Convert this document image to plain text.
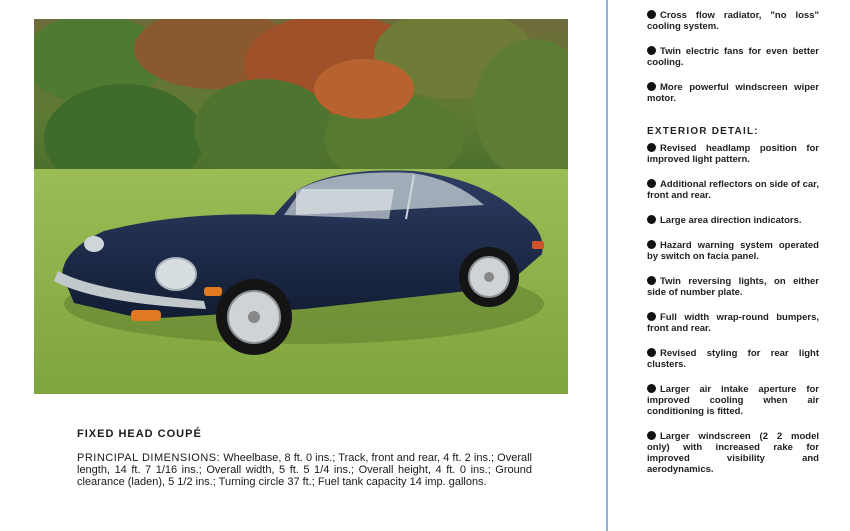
FIXED HEAD COUPÉ

PRINCIPAL DIMENSIONS: Wheelbase, 8 ft. 0 ins.; Track, front and rear, 4 ft. 2 ins.; Overall length, 14 ft. 7 1/16 ins.; Overall width, 5 ft. 5 1/4 ins.; Overall height, 4 ft. 0 ins.; Ground clearance (laden), 5 1/2 ins.; Turning circle 37 ft.; Fuel tank capacity 14 imp. gallons.

Cross flow radiator, "no loss" cooling system.

Twin electric fans for even better cooling.

More powerful windscreen wiper motor.

EXTERIOR DETAIL:

Revised headlamp position for improved light pattern.

Additional reflectors on side of car, front and rear.

Large area direction indicators.

Hazard warning system operated by switch on facia panel.

Twin reversing lights, on either side of number plate.

Full width wrap-round bumpers, front and rear.

Revised styling for rear light clusters.

Larger air intake aperture for improved cooling when air conditioning is fitted.

Larger windscreen (2 2 model only) with increased rake for improved visibility and aerodynamics.
